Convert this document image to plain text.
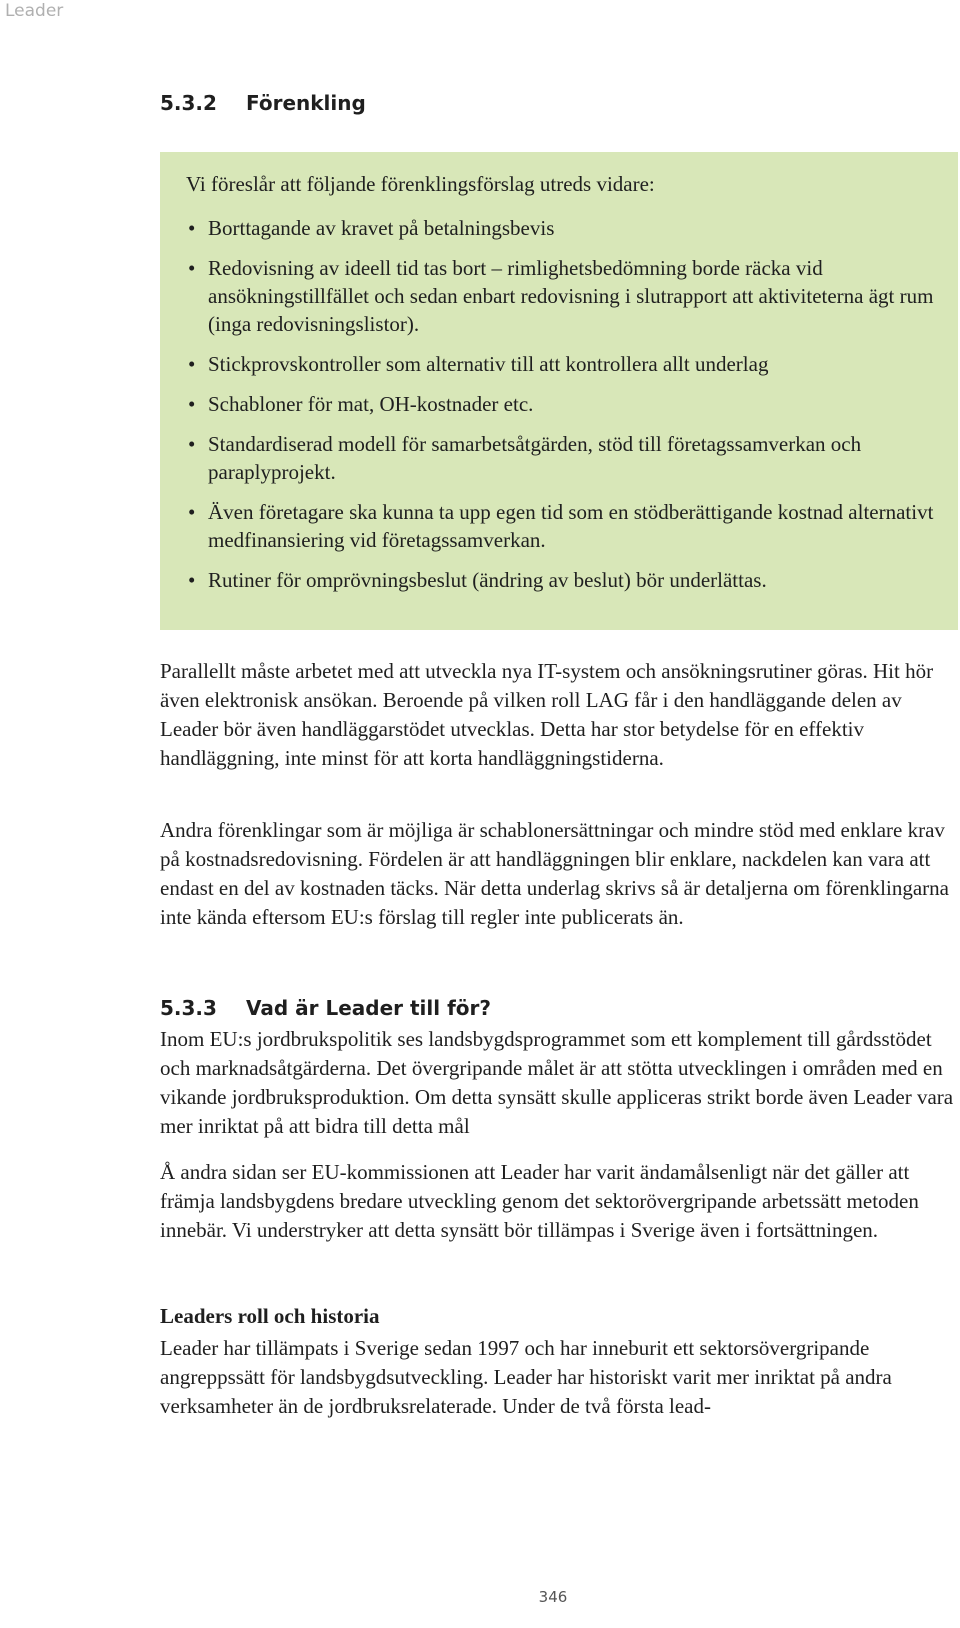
Leader
5.3.2 Förenkling

Vi föreslår att följande förenklingsförslag utreds vidare:

• Borttagande av kravet på betalningsbevis
• Redovisning av ideell tid tas bort – rimlighetsbedömning borde räcka vid ansökningstillfället och sedan enbart redovisning i slutrapport att aktiviteterna ägt rum (inga redovisningslistor).
• Stickprovskontroller som alternativ till att kontrollera allt underlag
• Schabloner för mat, OH-kostnader etc.
• Standardiserad modell för samarbetsåtgärden, stöd till företagssamverkan och paraplyprojekt.
• Även företagare ska kunna ta upp egen tid som en stödberättigande kostnad alternativt medfinansiering vid företagssamverkan.
• Rutiner för omprövningsbeslut (ändring av beslut) bör underlättas.

Parallellt måste arbetet med att utveckla nya IT-system och ansökningsrutiner göras. Hit hör även elektronisk ansökan. Beroende på vilken roll LAG får i den handläggande delen av Leader bör även handläggarstödet utvecklas. Detta har stor betydelse för en effektiv handläggning, inte minst för att korta handläggningstiderna.

Andra förenklingar som är möjliga är schablonersättningar och mindre stöd med enklare krav på kostnadsredovisning. Fördelen är att handläggningen blir enklare, nackdelen kan vara att endast en del av kostnaden täcks. När detta underlag skrivs så är detaljerna om förenklingarna inte kända eftersom EU:s förslag till regler inte publicerats än.

5.3.3 Vad är Leader till för?

Inom EU:s jordbrukspolitik ses landsbygdsprogrammet som ett komplement till gårdsstödet och marknadsåtgärderna. Det övergripande målet är att stötta utvecklingen i områden med en vikande jordbruksproduktion. Om detta synsätt skulle appliceras strikt borde även Leader vara mer inriktat på att bidra till detta mål

Å andra sidan ser EU-kommissionen att Leader har varit ändamålsenligt när det gäller att främja landsbygdens bredare utveckling genom det sektorövergripande arbetssätt metoden innebär. Vi understryker att detta synsätt bör tillämpas i Sverige även i fortsättningen.

Leaders roll och historia

Leader har tillämpats i Sverige sedan 1997 och har inneburit ett sektorsövergripande angreppssätt för landsbygdsutveckling. Leader har historiskt varit mer inriktat på andra verksamheter än de jordbruksrelaterade. Under de två första lead-

346
